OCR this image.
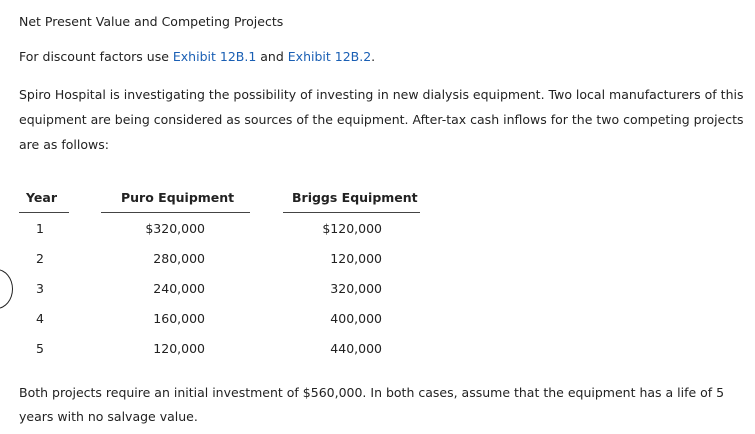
Net Present Value and Competing Projects
For discount factors use Exhibit 12B.1 and Exhibit 12B.2.
Spiro Hospital is investigating the possibility of investing in new dialysis equipment. Two local manufacturers of this equipment are being considered as sources of the equipment. After-tax cash inflows for the two competing projects are as follows:
Year	Puro Equipment	Briggs Equipment
1	$320,000	$120,000
2	280,000	120,000
3	240,000	320,000
4	160,000	400,000
5	120,000	440,000
Both projects require an initial investment of $560,000. In both cases, assume that the equipment has a life of 5 years with no salvage value.
